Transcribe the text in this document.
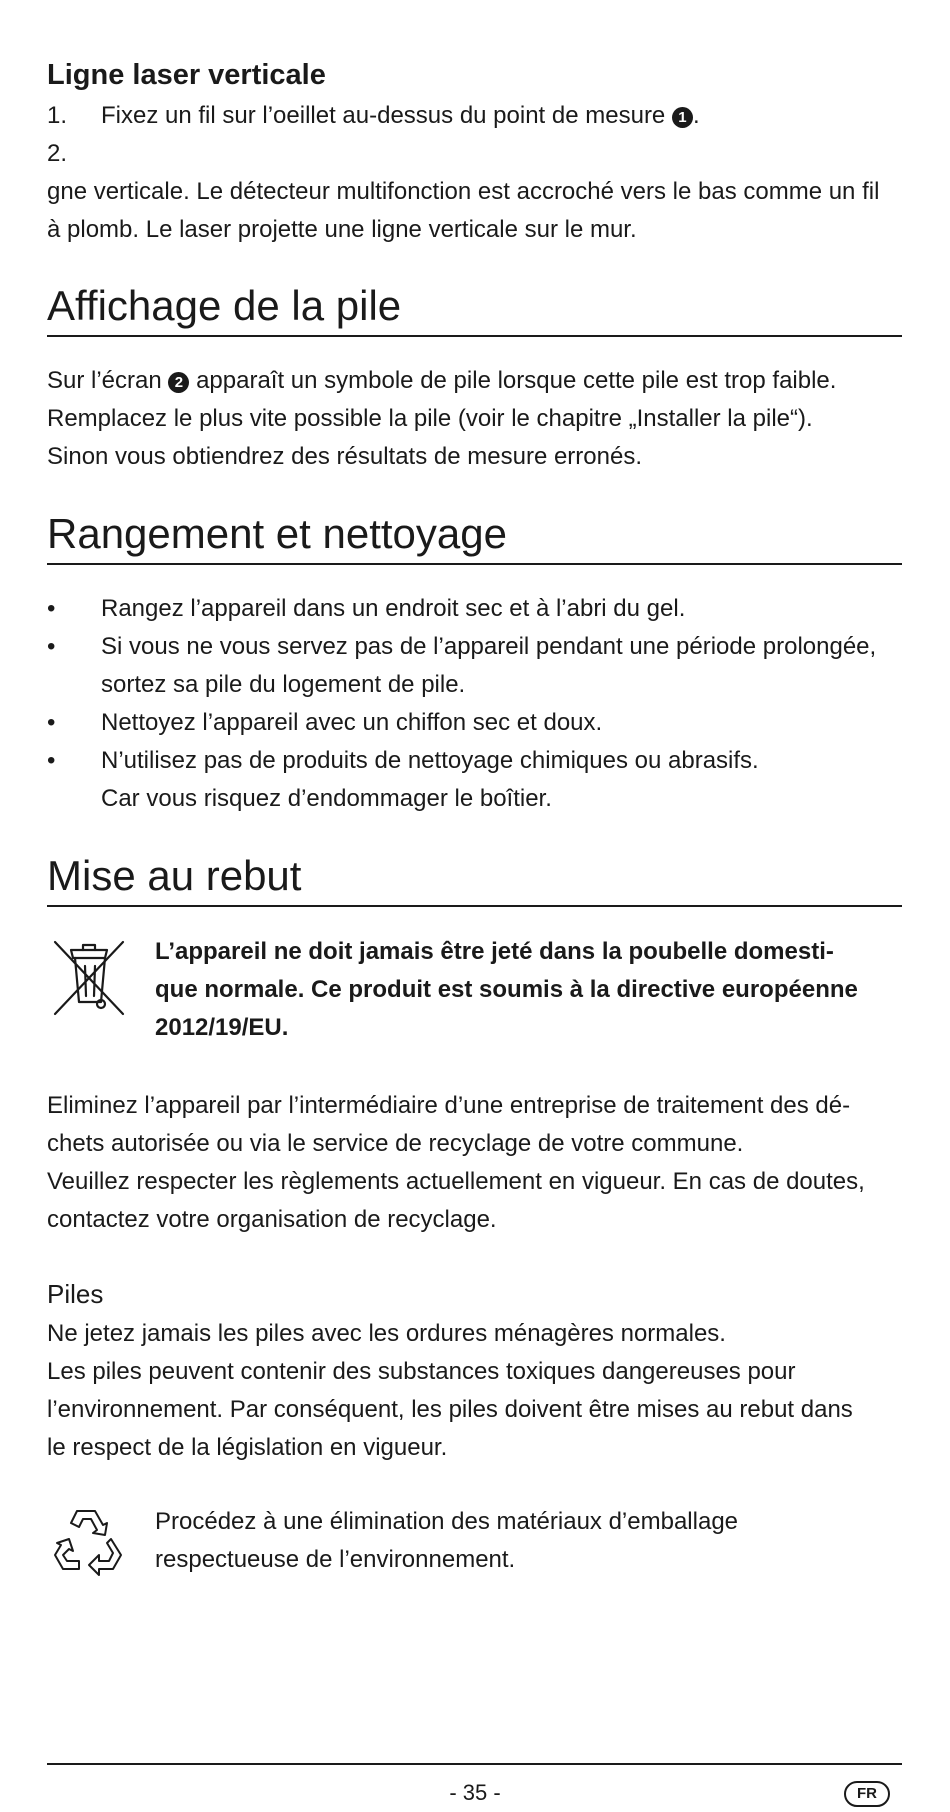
Ligne laser verticale
1. Fixez un fil sur l’oeillet au-dessus du point de mesure 1 .
2.
gne verticale. Le détecteur multifonction est accroché vers le bas comme un fil
à plomb. Le laser projette une ligne verticale sur le mur.
Affichage de la pile
Sur l’écran 2 apparaît un symbole de pile lorsque cette pile est trop faible.
Remplacez le plus vite possible la pile (voir le chapitre „Installer la pile“).
Sinon vous obtiendrez des résultats de mesure erronés.
Rangement et nettoyage
•	Rangez l’appareil dans un endroit sec et à l’abri du gel.
•	Si vous ne vous servez pas de l’appareil pendant une période prolongée,
sortez sa pile du logement de pile.
•	Nettoyez l’appareil avec un chiffon sec et doux.
•	N’utilisez pas de produits de nettoyage chimiques ou abrasifs.
Car vous risquez d’endommager le boîtier.
Mise au rebut
L’appareil ne doit jamais être jeté dans la poubelle domesti-
que normale. Ce produit est soumis à la directive européenne
2012/19/EU.
Eliminez l’appareil par l’intermédiaire d’une entreprise de traitement des dé-
chets autorisée ou via le service de recyclage de votre commune.
Veuillez respecter les règlements actuellement en vigueur. En cas de doutes,
contactez votre organisation de recyclage.
Piles
Ne jetez jamais les piles avec les ordures ménagères normales.
Les piles peuvent contenir des substances toxiques dangereuses pour
l’environnement. Par conséquent, les piles doivent être mises au rebut dans
le respect de la législation en vigueur.
Procédez à une élimination des matériaux d’emballage
respectueuse de l’environnement.
- 35 -	FR
